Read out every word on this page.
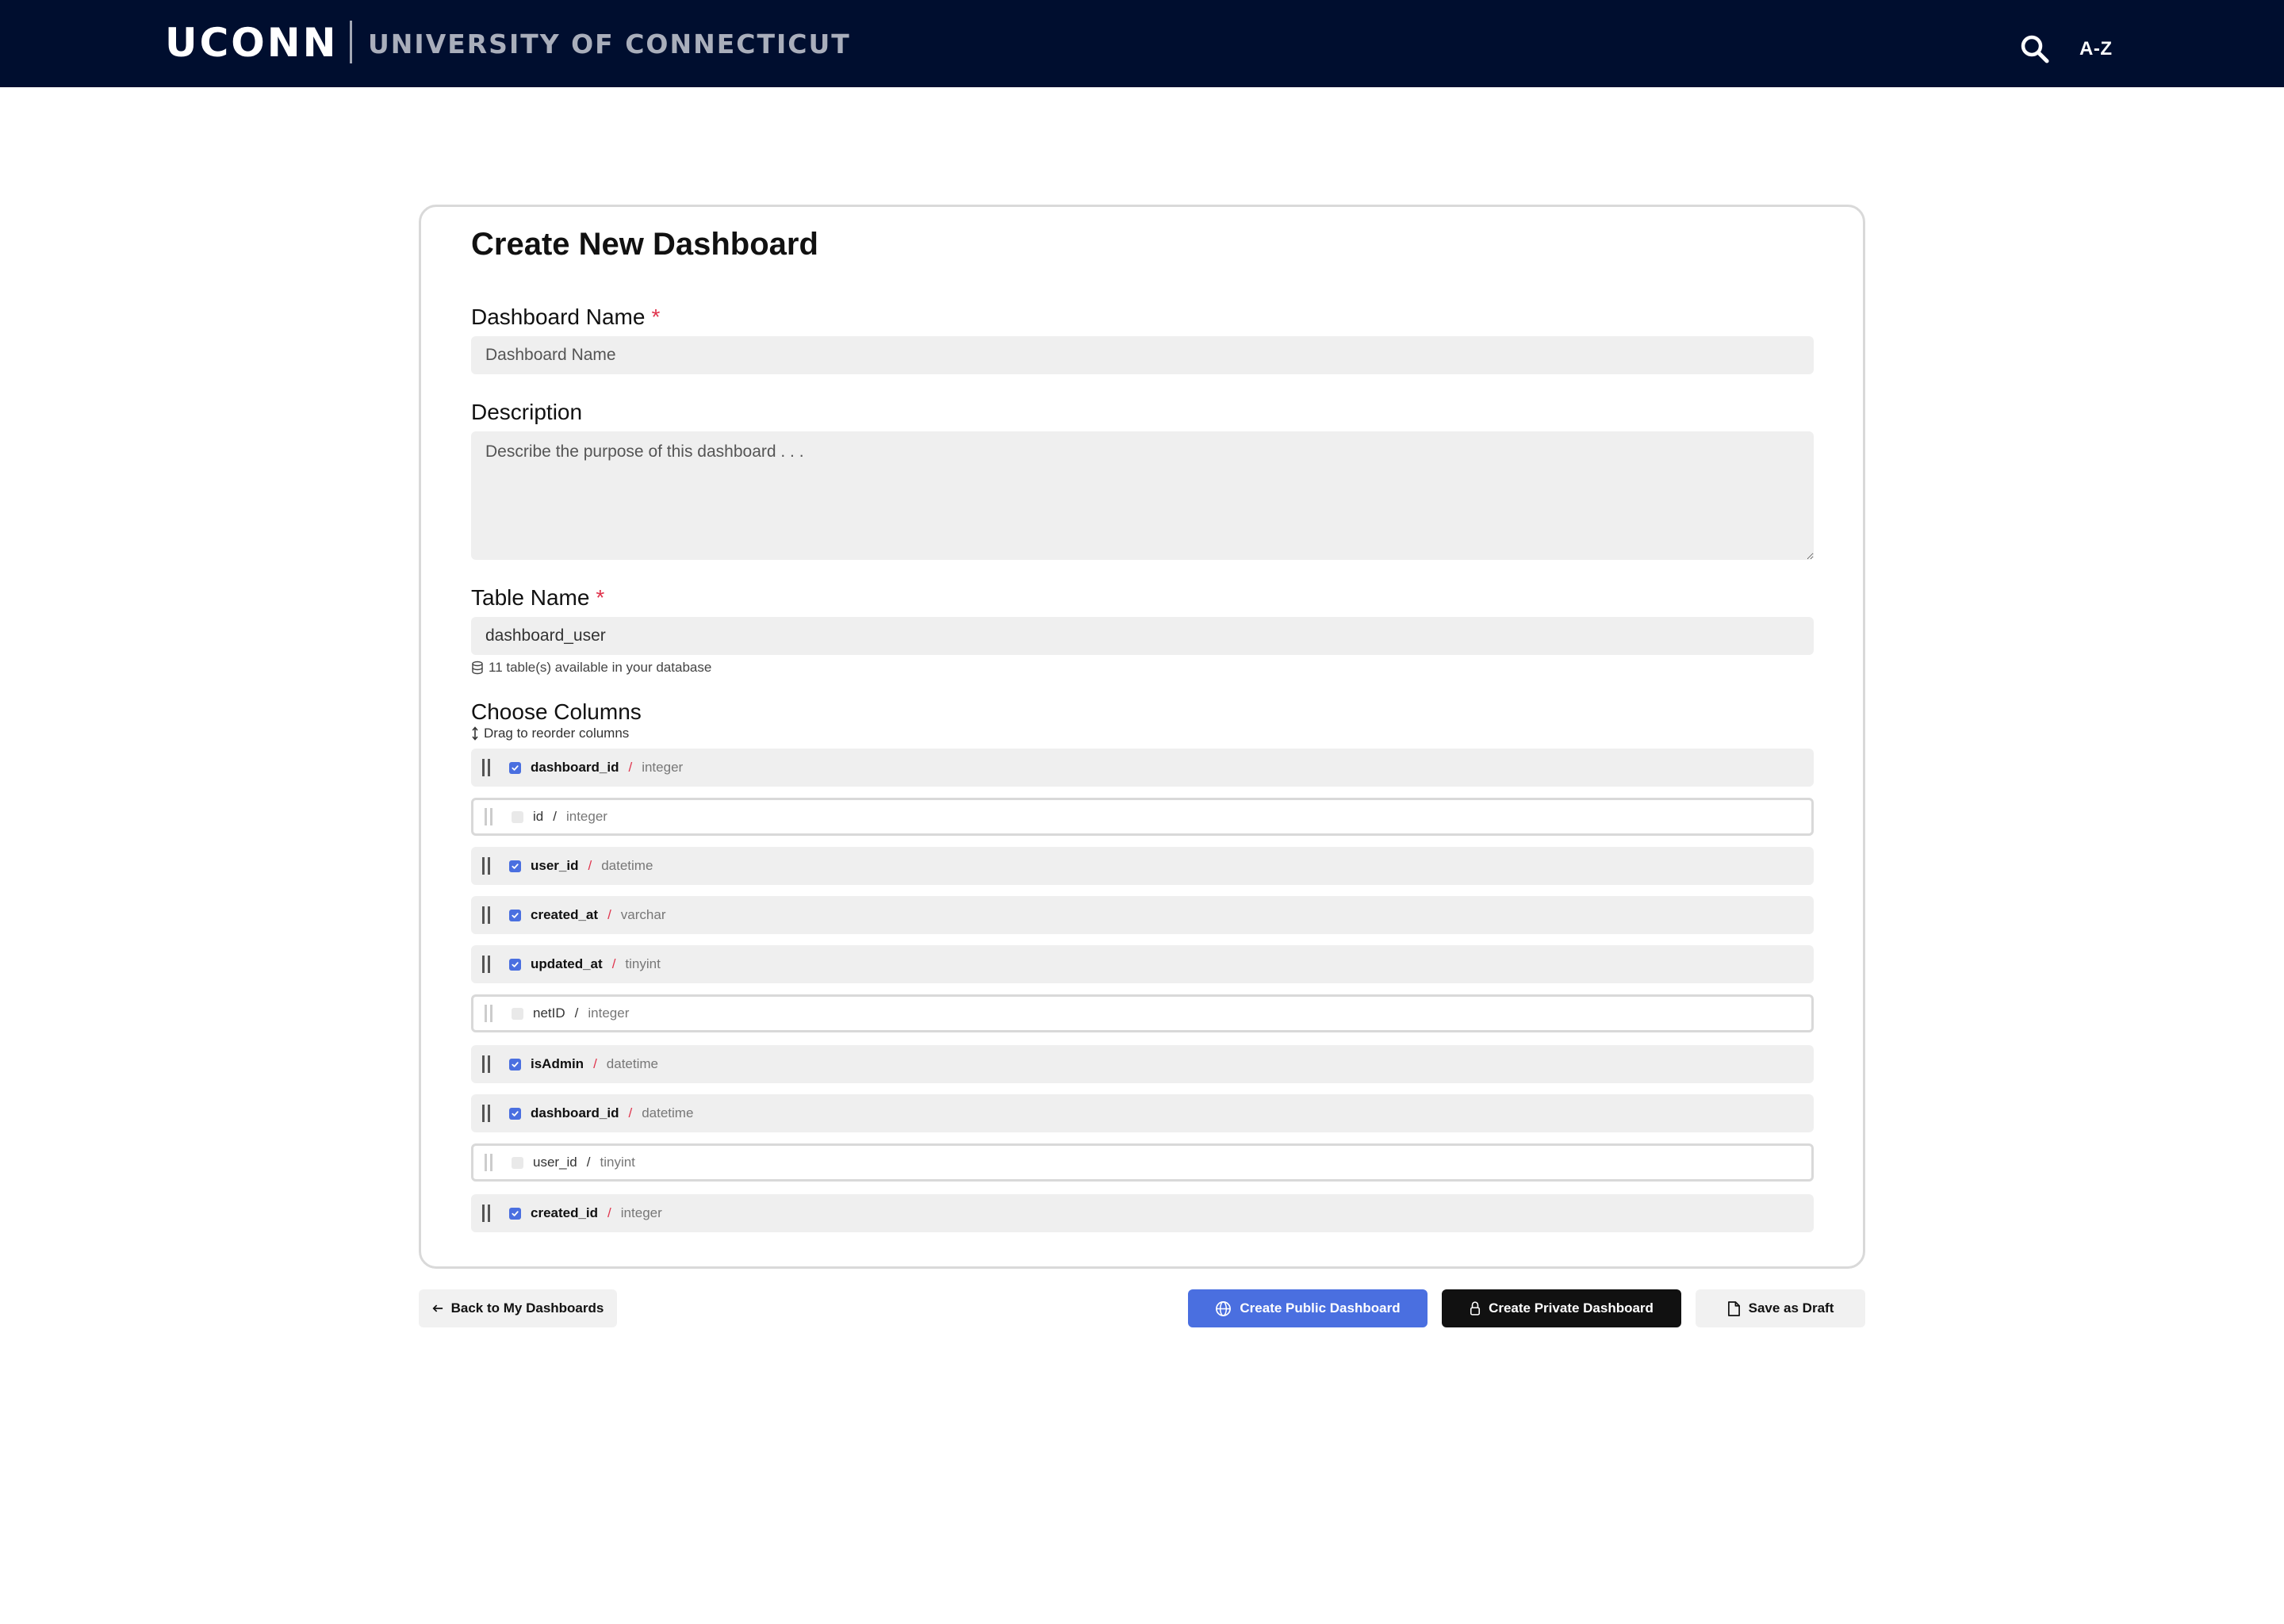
UCONN UNIVERSITY OF CONNECTICUT	A-Z
Create New Dashboard
Dashboard Name *
Dashboard Name
Description
Describe the purpose of this dashboard . . .
Table Name *
dashboard_user
11 table(s) available in your database
Choose Columns
Drag to reorder columns
dashboard_id / integer
id / integer
user_id / datetime
created_at / varchar
updated_at / tinyint
netID / integer
isAdmin / datetime
dashboard_id / datetime
user_id / tinyint
created_id / integer
Back to My Dashboards	Create Public Dashboard	Create Private Dashboard	Save as Draft
